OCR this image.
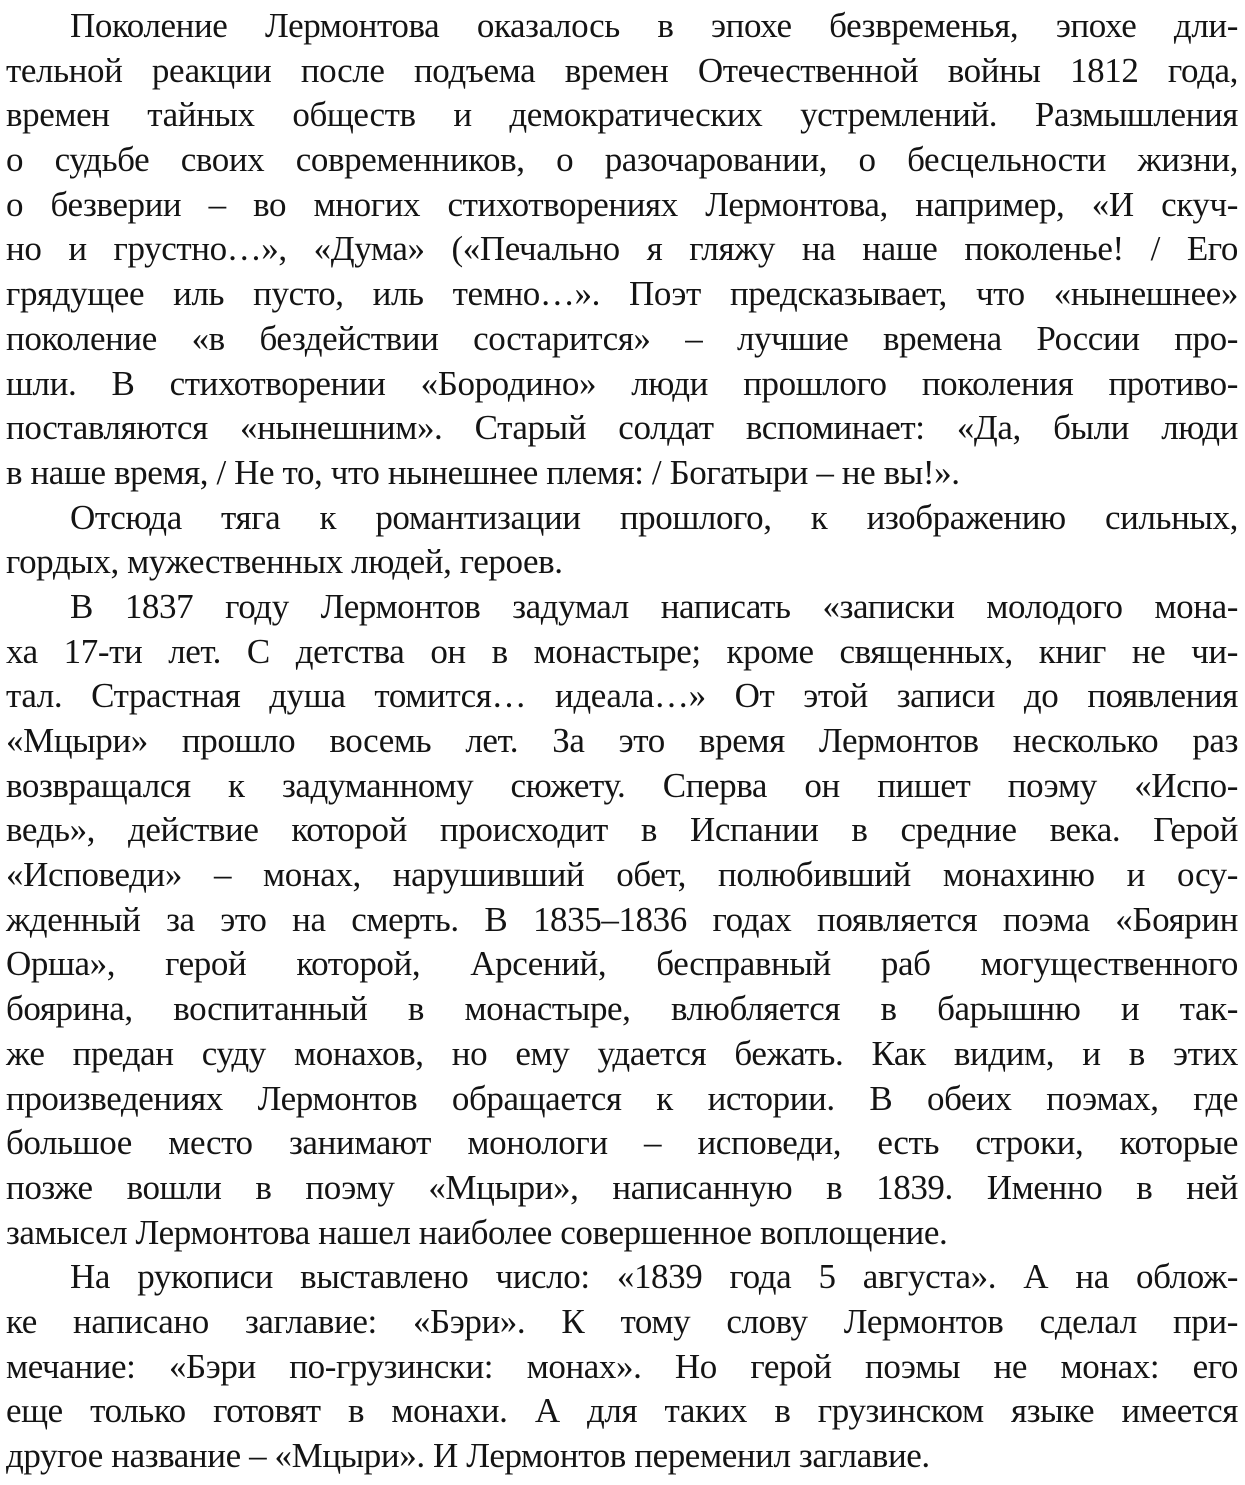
Поколение Лермонтова оказалось в эпохе безвременья, эпохе дли-
тельной реакции после подъема времен Отечественной войны 1812 года,
времен тайных обществ и демократических устремлений. Размышления
о судьбе своих современников, о разочаровании, о бесцельности жизни,
о безверии – во многих стихотворениях Лермонтова, например, «И скуч-
но и грустно…», «Дума» («Печально я гляжу на наше поколенье! / Его
грядущее иль пусто, иль темно…». Поэт предсказывает, что «нынешнее»
поколение «в бездействии состарится» – лучшие времена России про-
шли. В стихотворении «Бородино» люди прошлого поколения противо-
поставляются «нынешним». Старый солдат вспоминает: «Да, были люди
в наше время, / Не то, что нынешнее племя: / Богатыри – не вы!».
Отсюда тяга к романтизации прошлого, к изображению сильных,
гордых, мужественных людей, героев.
В 1837 году Лермонтов задумал написать «записки молодого мона-
ха 17-ти лет. С детства он в монастыре; кроме священных, книг не чи-
тал. Страстная душа томится… идеала…» От этой записи до появления
«Мцыри» прошло восемь лет. За это время Лермонтов несколько раз
возвращался к задуманному сюжету. Сперва он пишет поэму «Испо-
ведь», действие которой происходит в Испании в средние века. Герой
«Исповеди» – монах, нарушивший обет, полюбивший монахиню и осу-
жденный за это на смерть. В 1835–1836 годах появляется поэма «Боярин
Орша», герой которой, Арсений, бесправный раб могущественного
боярина, воспитанный в монастыре, влюбляется в барышню и так-
же предан суду монахов, но ему удается бежать. Как видим, и в этих
произведениях Лермонтов обращается к истории. В обеих поэмах, где
большое место занимают монологи – исповеди, есть строки, которые
позже вошли в поэму «Мцыри», написанную в 1839. Именно в ней
замысел Лермонтова нашел наиболее совершенное воплощение.
На рукописи выставлено число: «1839 года 5 августа». А на облож-
ке написано заглавие: «Бэри». К тому слову Лермонтов сделал при-
мечание: «Бэри по-грузински: монах». Но герой поэмы не монах: его
еще только готовят в монахи. А для таких в грузинском языке имеется
другое название – «Мцыри». И Лермонтов переменил заглавие.
